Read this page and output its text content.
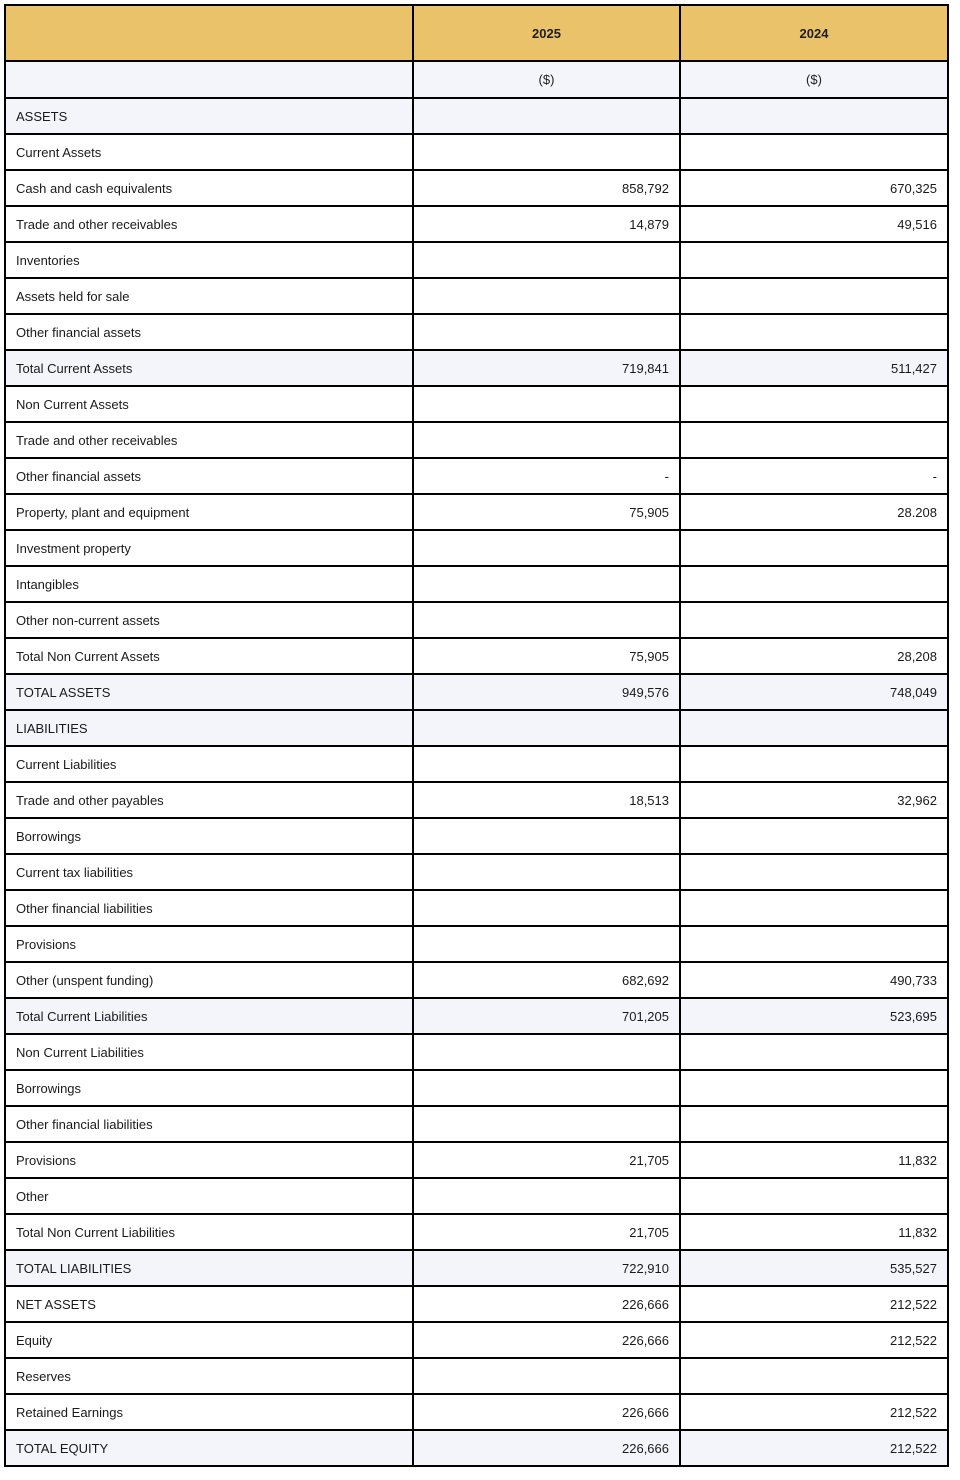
	2025	2024
	($)	($)
ASSETS		
Current Assets		
Cash and cash equivalents	858,792	670,325
Trade and other receivables	14,879	49,516
Inventories		
Assets held for sale		
Other financial assets		
Total Current Assets	719,841	511,427
Non Current Assets		
Trade and other receivables		
Other financial assets	-	-
Property, plant and equipment	75,905	28.208
Investment property		
Intangibles		
Other non-current assets		
Total Non Current Assets	75,905	28,208
TOTAL ASSETS	949,576	748,049
LIABILITIES		
Current Liabilities		
Trade and other payables	18,513	32,962
Borrowings		
Current tax liabilities		
Other financial liabilities		
Provisions		
Other (unspent funding)	682,692	490,733
Total Current Liabilities	701,205	523,695
Non Current Liabilities		
Borrowings		
Other financial liabilities		
Provisions	21,705	11,832
Other		
Total Non Current Liabilities	21,705	11,832
TOTAL LIABILITIES	722,910	535,527
NET ASSETS	226,666	212,522
Equity	226,666	212,522
Reserves		
Retained Earnings	226,666	212,522
TOTAL EQUITY	226,666	212,522
